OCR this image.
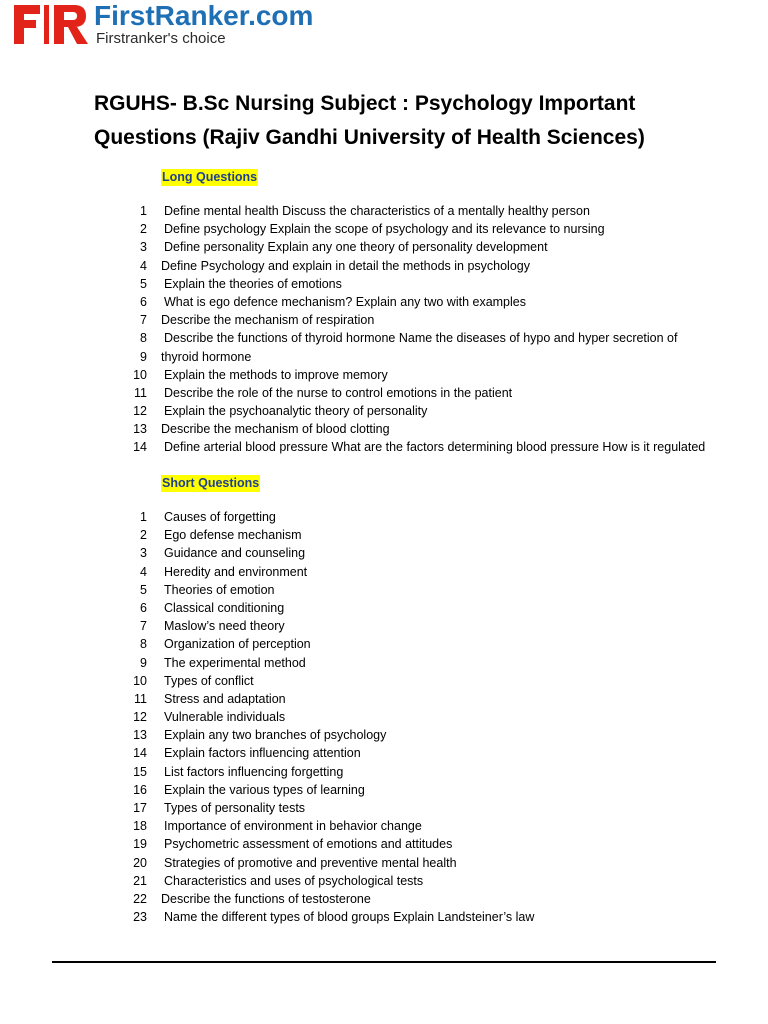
FirstRanker.com
Firstranker's choice
RGUHS- B.Sc Nursing Subject : Psychology Important Questions (Rajiv Gandhi University of Health Sciences)
Long Questions
1 Define mental health Discuss the characteristics of a mentally healthy person
2 Define psychology Explain the scope of psychology and its relevance to nursing
3 Define personality Explain any one theory of personality development
4 Define Psychology and explain in detail the methods in psychology
5 Explain the theories of emotions
6 What is ego defence mechanism? Explain any two with examples
7 Describe the mechanism of respiration
8 Describe the functions of thyroid hormone Name the diseases of hypo and hyper secretion of
9 thyroid hormone
10 Explain the methods to improve memory
11 Describe the role of the nurse to control emotions in the patient
12 Explain the psychoanalytic theory of personality
13 Describe the mechanism of blood clotting
14 Define arterial blood pressure What are the factors determining blood pressure How is it regulated
Short Questions
1 Causes of forgetting
2 Ego defense mechanism
3 Guidance and counseling
4 Heredity and environment
5 Theories of emotion
6 Classical conditioning
7 Maslow’s need theory
8 Organization of perception
9 The experimental method
10 Types of conflict
11 Stress and adaptation
12 Vulnerable individuals
13 Explain any two branches of psychology
14 Explain factors influencing attention
15 List factors influencing forgetting
16 Explain the various types of learning
17 Types of personality tests
18 Importance of environment in behavior change
19 Psychometric assessment of emotions and attitudes
20 Strategies of promotive and preventive mental health
21 Characteristics and uses of psychological tests
22 Describe the functions of testosterone
23 Name the different types of blood groups Explain Landsteiner’s law
